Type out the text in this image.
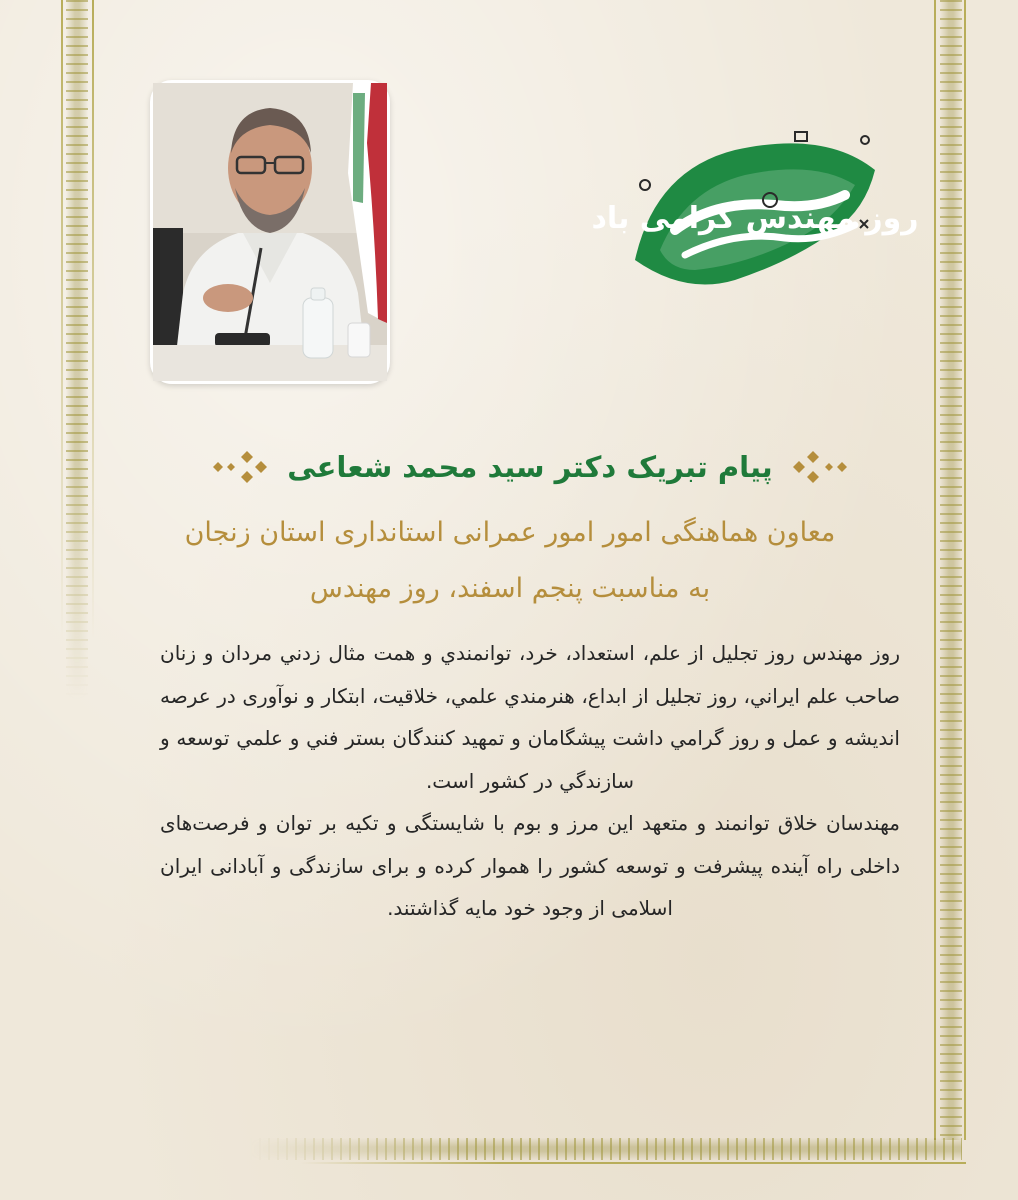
روز مهندس گرامی باد
پیام تبریک دکتر سید محمد شعاعی
معاون هماهنگی امور امور عمرانی استانداری استان زنجان
به مناسبت پنجم اسفند، روز مهندس

روز مهندس روز تجلیل از علم، استعداد، خرد، توانمندي و همت مثال زدني مردان و زنان صاحب علم ايراني، روز تجلیل از ابداع، هنرمندي علمي، خلاقيت، ابتكار و نوآوری در عرصه انديشه و عمل و روز گرامي داشت پيشگامان و تمهيد كنندگان بستر فني و علمي توسعه و سازندگي در كشور است.

مهندسان خلاق توانمند و متعهد این مرز و بوم با شایستگی و تکیه بر توان و فرصت‌های داخلی راه آینده پیشرفت و توسعه کشور را هموار کرده و برای سازندگی و آبادانی ایران اسلامی از وجود خود مایه گذاشتند.
